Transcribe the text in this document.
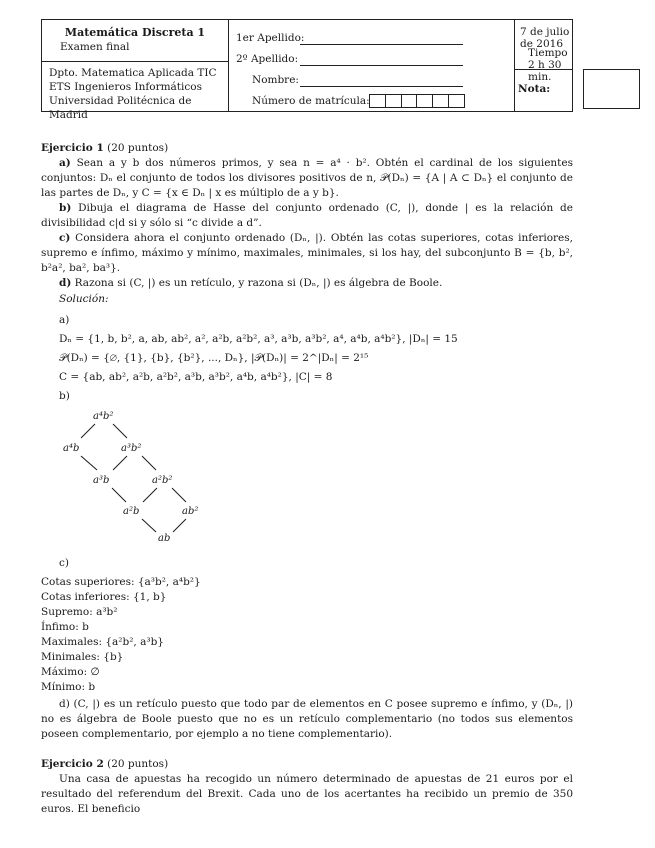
Matemática Discreta 1
Examen final
Dpto. Matematica Aplicada TIC
ETS Ingenieros Informáticos
Universidad Politécnica de Madrid
1er Apellido:
2º Apellido:
Nombre:
Número de matrícula:
7 de julio de 2016
Tiempo 2 h 30 min.
Nota:

Ejercicio 1 (20 puntos)

a) Sean a y b dos números primos, y sea n = a⁴ · b². Obtén el cardinal de los siguientes conjuntos: Dₙ el conjunto de todos los divisores positivos de n, 𝒫(Dₙ) = {A | A ⊂ Dₙ} el conjunto de las partes de Dₙ, y C = {x ∈ Dₙ | x es múltiplo de a y b}.

b) Dibuja el diagrama de Hasse del conjunto ordenado (C, |), donde | es la relación de divisibilidad c|d si y sólo si “c divide a d”.

c) Considera ahora el conjunto ordenado (Dₙ, |). Obtén las cotas superiores, cotas inferiores, supremo e ínfimo, máximo y mínimo, maximales, minimales, si los hay, del subconjunto B = {b, b², b²a², ba², ba³}.

d) Razona si (C, |) es un retículo, y razona si (Dₙ, |) es álgebra de Boole.

Solución:

a)

Dₙ = {1, b, b², a, ab, ab², a², a²b, a²b², a³, a³b, a³b², a⁴, a⁴b, a⁴b²}, |Dₙ| = 15

𝒫(Dₙ) = {∅, {1}, {b}, {b²}, ..., Dₙ}, |𝒫(Dₙ)| = 2^|Dₙ| = 2¹⁵

C = {ab, ab², a²b, a²b², a³b, a³b², a⁴b, a⁴b²}, |C| = 8

b)

a⁴b²
a⁴b	a³b²
a³b	a²b²
a²b	ab²
ab

c)

Cotas superiores: {a³b², a⁴b²}

Cotas inferiores: {1, b}

Supremo: a³b²

Ínfimo: b

Maximales: {a²b², a³b}

Minimales: {b}

Máximo: ∅

Mínimo: b

d) (C, |) es un retículo puesto que todo par de elementos en C posee supremo e ínfimo, y (Dₙ, |) no es álgebra de Boole puesto que no es un retículo complementario (no todos sus elementos poseen complementario, por ejemplo a no tiene complementario).

Ejercicio 2 (20 puntos)

Una casa de apuestas ha recogido un número determinado de apuestas de 21 euros por el resultado del referendum del Brexit. Cada uno de los acertantes ha recibido un premio de 350 euros. El beneficio
